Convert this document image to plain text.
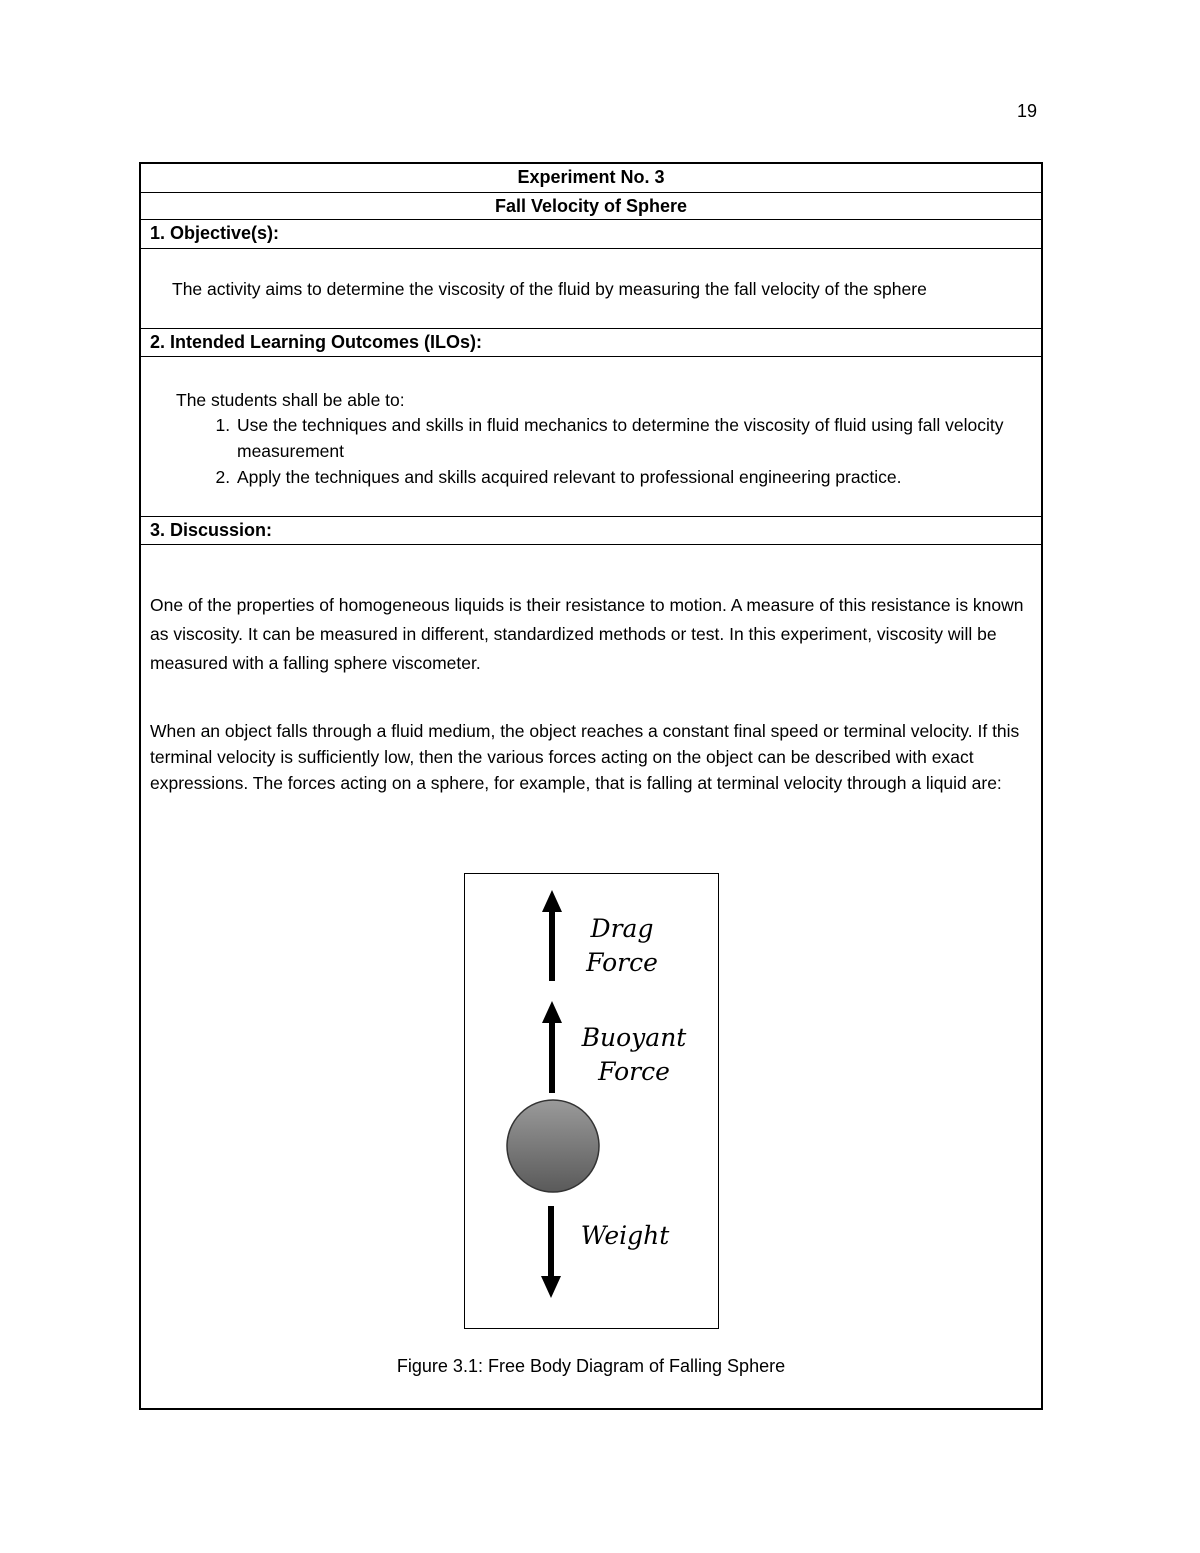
19
Experiment No. 3
Fall Velocity of Sphere
1. Objective(s):
The activity aims to determine the viscosity of the fluid by measuring the fall velocity of the sphere
2. Intended Learning Outcomes (ILOs):
The students shall be able to:
1. Use the techniques and skills in fluid mechanics to determine the viscosity of fluid using fall velocity measurement
2. Apply the techniques and skills acquired relevant to professional engineering practice.
3. Discussion:
One of the properties of homogeneous liquids is their resistance to motion. A measure of this resistance is known as viscosity. It can be measured in different, standardized methods or test. In this experiment, viscosity will be measured with a falling sphere viscometer.
When an object falls through a fluid medium, the object reaches a constant final speed or terminal velocity. If this terminal velocity is sufficiently low, then the various forces acting on the object can be described with exact expressions. The forces acting on a sphere, for example, that is falling at terminal velocity through a liquid are:
Drag
Force
Buoyant
Force
Weight
Figure 3.1: Free Body Diagram of Falling Sphere
